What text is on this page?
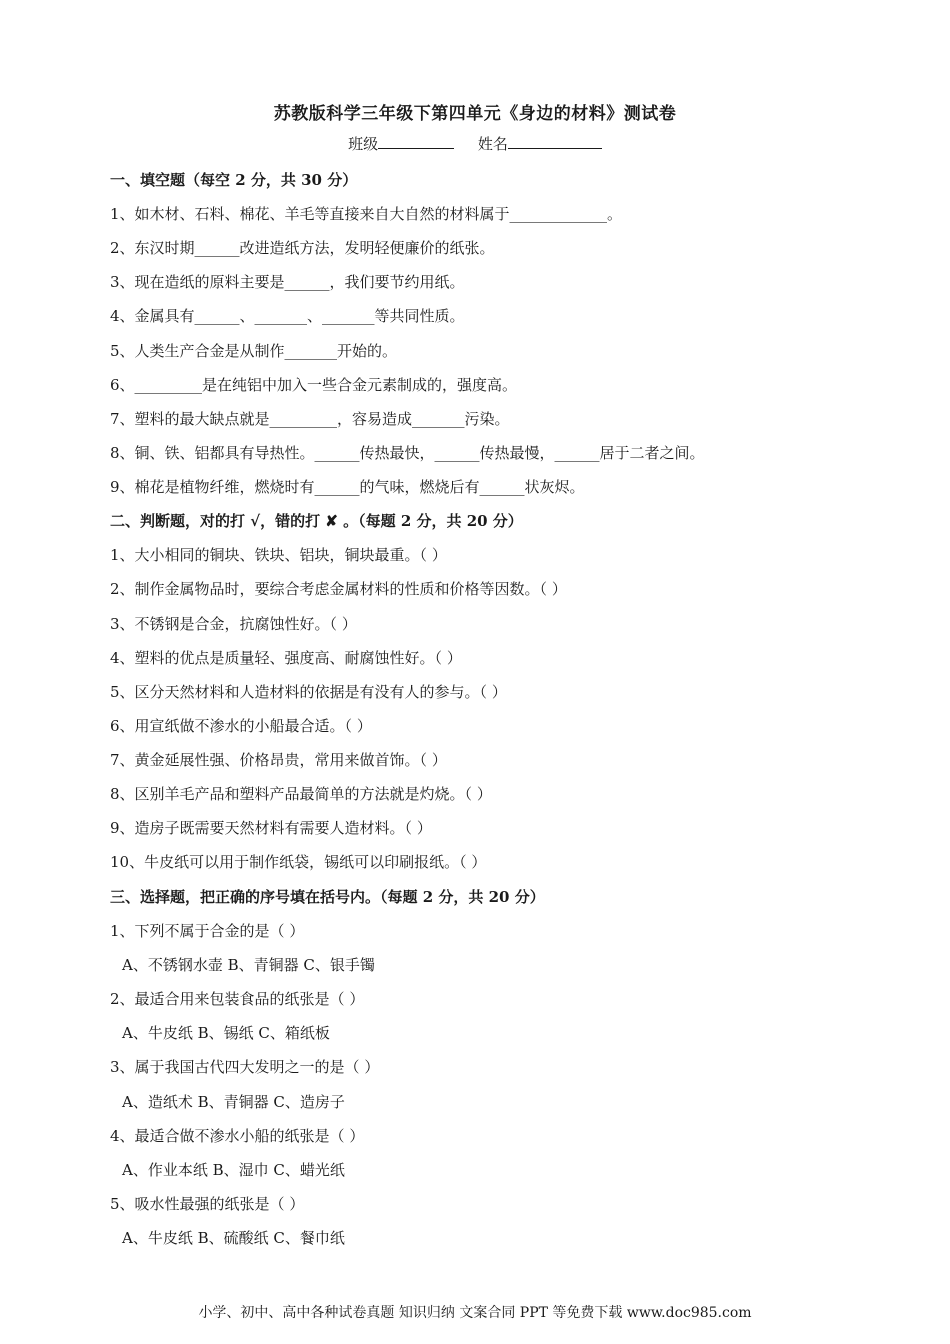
苏教版科学三年级下第四单元《身边的材料》测试卷
班级	姓名
一、填空题（每空 2 分，共 30 分）
1、如木材、石料、棉花、羊毛等直接来自大自然的材料属于_____________。
2、东汉时期______改进造纸方法，发明轻便廉价的纸张。
3、现在造纸的原料主要是______，我们要节约用纸。
4、金属具有______、_______、_______等共同性质。
5、人类生产合金是从制作_______开始的。
6、_________是在纯铝中加入一些合金元素制成的，强度高。
7、塑料的最大缺点就是_________，容易造成_______污染。
8、铜、铁、铝都具有导热性。______传热最快，______传热最慢，______居于二者之间。
9、棉花是植物纤维，燃烧时有______的气味，燃烧后有______状灰烬。
二、判断题，对的打 √，错的打 ✘ 。（每题 2 分，共 20 分）
1、大小相同的铜块、铁块、铝块，铜块最重。（ ）
2、制作金属物品时，要综合考虑金属材料的性质和价格等因数。（ ）
3、不锈钢是合金，抗腐蚀性好。（ ）
4、塑料的优点是质量轻、强度高、耐腐蚀性好。（ ）
5、区分天然材料和人造材料的依据是有没有人的参与。（ ）
6、用宣纸做不渗水的小船最合适。（ ）
7、黄金延展性强、价格昂贵，常用来做首饰。（ ）
8、区别羊毛产品和塑料产品最简单的方法就是灼烧。（ ）
9、造房子既需要天然材料有需要人造材料。（ ）
10、牛皮纸可以用于制作纸袋，锡纸可以印刷报纸。（ ）
三、选择题，把正确的序号填在括号内。（每题 2 分，共 20 分）
1、下列不属于合金的是（ ）
A、不锈钢水壶 B、青铜器 C、银手镯
2、最适合用来包装食品的纸张是（ ）
A、牛皮纸 B、锡纸 C、箱纸板
3、属于我国古代四大发明之一的是（ ）
A、造纸术 B、青铜器 C、造房子
4、最适合做不渗水小船的纸张是（ ）
A、作业本纸 B、湿巾 C、蜡光纸
5、吸水性最强的纸张是（ ）
A、牛皮纸 B、硫酸纸 C、餐巾纸
小学、初中、高中各种试卷真题 知识归纳 文案合同 PPT 等免费下载 www.doc985.com
